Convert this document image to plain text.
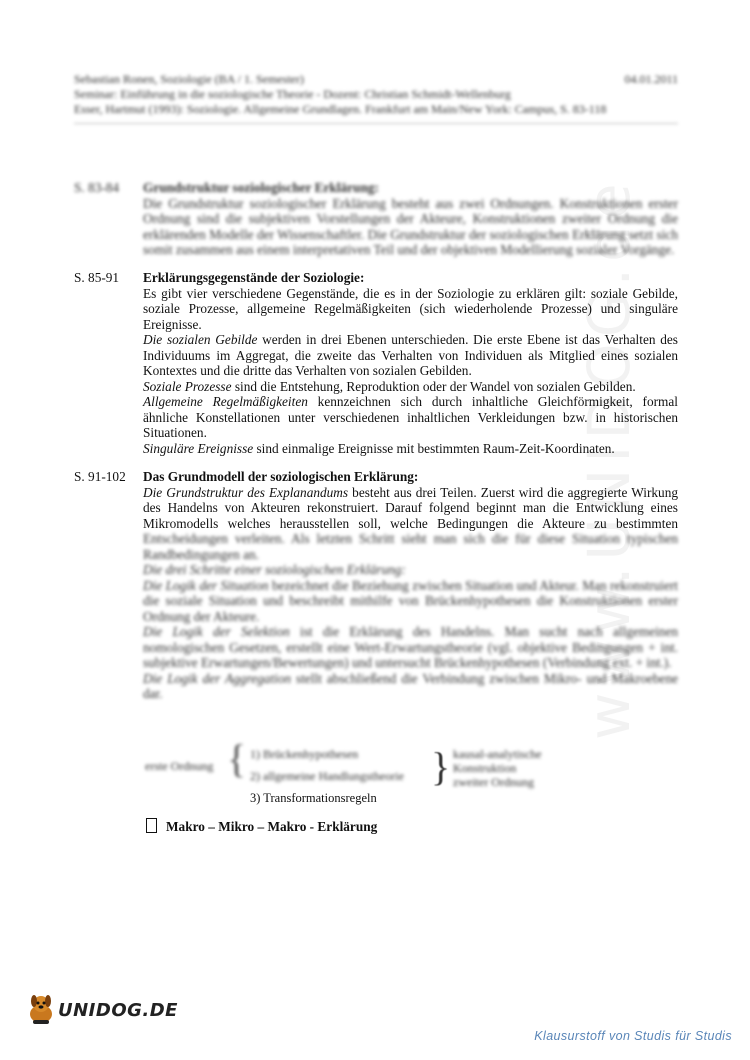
Sebastian Ronen, Soziologie (BA / 1. Semester)
Seminar: Einführung in die soziologische Theorie - Dozent: Christian Schmidt-Wellenburg
Esser, Hartmut (1993): Soziologie. Allgemeine Grundlagen. Frankfurt am Main/New York: Campus, S. 83-118
04.01.2011
www.UNIDOG.de
S. 83-84	Grundstruktur soziologischer Erklärung:

Die Grundstruktur soziologischer Erklärung besteht aus zwei Ordnungen. Konstruktionen erster Ordnung sind die subjektiven Vorstellungen der Akteure, Konstruktionen zweiter Ordnung die erklärenden Modelle der Wissenschaftler. Die Grundstruktur der soziologischen Erklärung setzt sich somit zusammen aus einem interpretativen Teil und der objektiven Modellierung sozialer Vorgänge.

S. 85-91	Erklärungsgegenstände der Soziologie:

Es gibt vier verschiedene Gegenstände, die es in der Soziologie zu erklären gilt: soziale Gebilde, soziale Prozesse, allgemeine Regelmäßigkeiten (sich wiederholende Prozesse) und singuläre Ereignisse.

Die sozialen Gebilde werden in drei Ebenen unterschieden. Die erste Ebene ist das Verhalten des Individuums im Aggregat, die zweite das Verhalten von Individuen als Mitglied eines sozialen Kontextes und die dritte das Verhalten von sozialen Gebilden.

Soziale Prozesse sind die Entstehung, Reproduktion oder der Wandel von sozialen Gebilden.

Allgemeine Regelmäßigkeiten kennzeichnen sich durch inhaltliche Gleichförmigkeit, formal ähnliche Konstellationen unter verschiedenen inhaltlichen Verkleidungen bzw. in historischen Situationen.

Singuläre Ereignisse sind einmalige Ereignisse mit bestimmten Raum-Zeit-Koordinaten.

S. 91-102	Das Grundmodell der soziologischen Erklärung:

Die Grundstruktur des Explanandums besteht aus drei Teilen. Zuerst wird die aggregierte Wirkung des Handelns von Akteuren rekonstruiert. Darauf folgend beginnt man die Entwicklung eines Mikromodells welches herausstellen soll, welche Bedingungen die Akteure zu bestimmten Entscheidungen verleiten. Als letzten Schritt sieht man sich die für diese Situation typischen Randbedingungen an.

Die drei Schritte einer soziologischen Erklärung:

Die Logik der Situation bezeichnet die Beziehung zwischen Situation und Akteur. Man rekonstruiert die soziale Situation und beschreibt mithilfe von Brückenhypothesen die Konstruktionen erster Ordnung der Akteure.

Die Logik der Selektion ist die Erklärung des Handelns. Man sucht nach allgemeinen nomologischen Gesetzen, erstellt eine Wert-Erwartungstheorie (vgl. objektive Bedingungen + int. subjektive Erwartungen/Bewertungen) und untersucht Brückenhypothesen (Verbindung ext. + int.).

Die Logik der Aggregation stellt abschließend die Verbindung zwischen Mikro- und Makroebene dar.

erste Ordnung { 1) Brückenhypothesen
2) allgemeine Handlungstheorie
3) Transformationsregeln
} kausal-analytische
Konstruktion
zweiter Ordnung
Makro – Mikro – Makro - Erklärung
UNIDOG.DE
Klausurstoff von Studis für Studis
